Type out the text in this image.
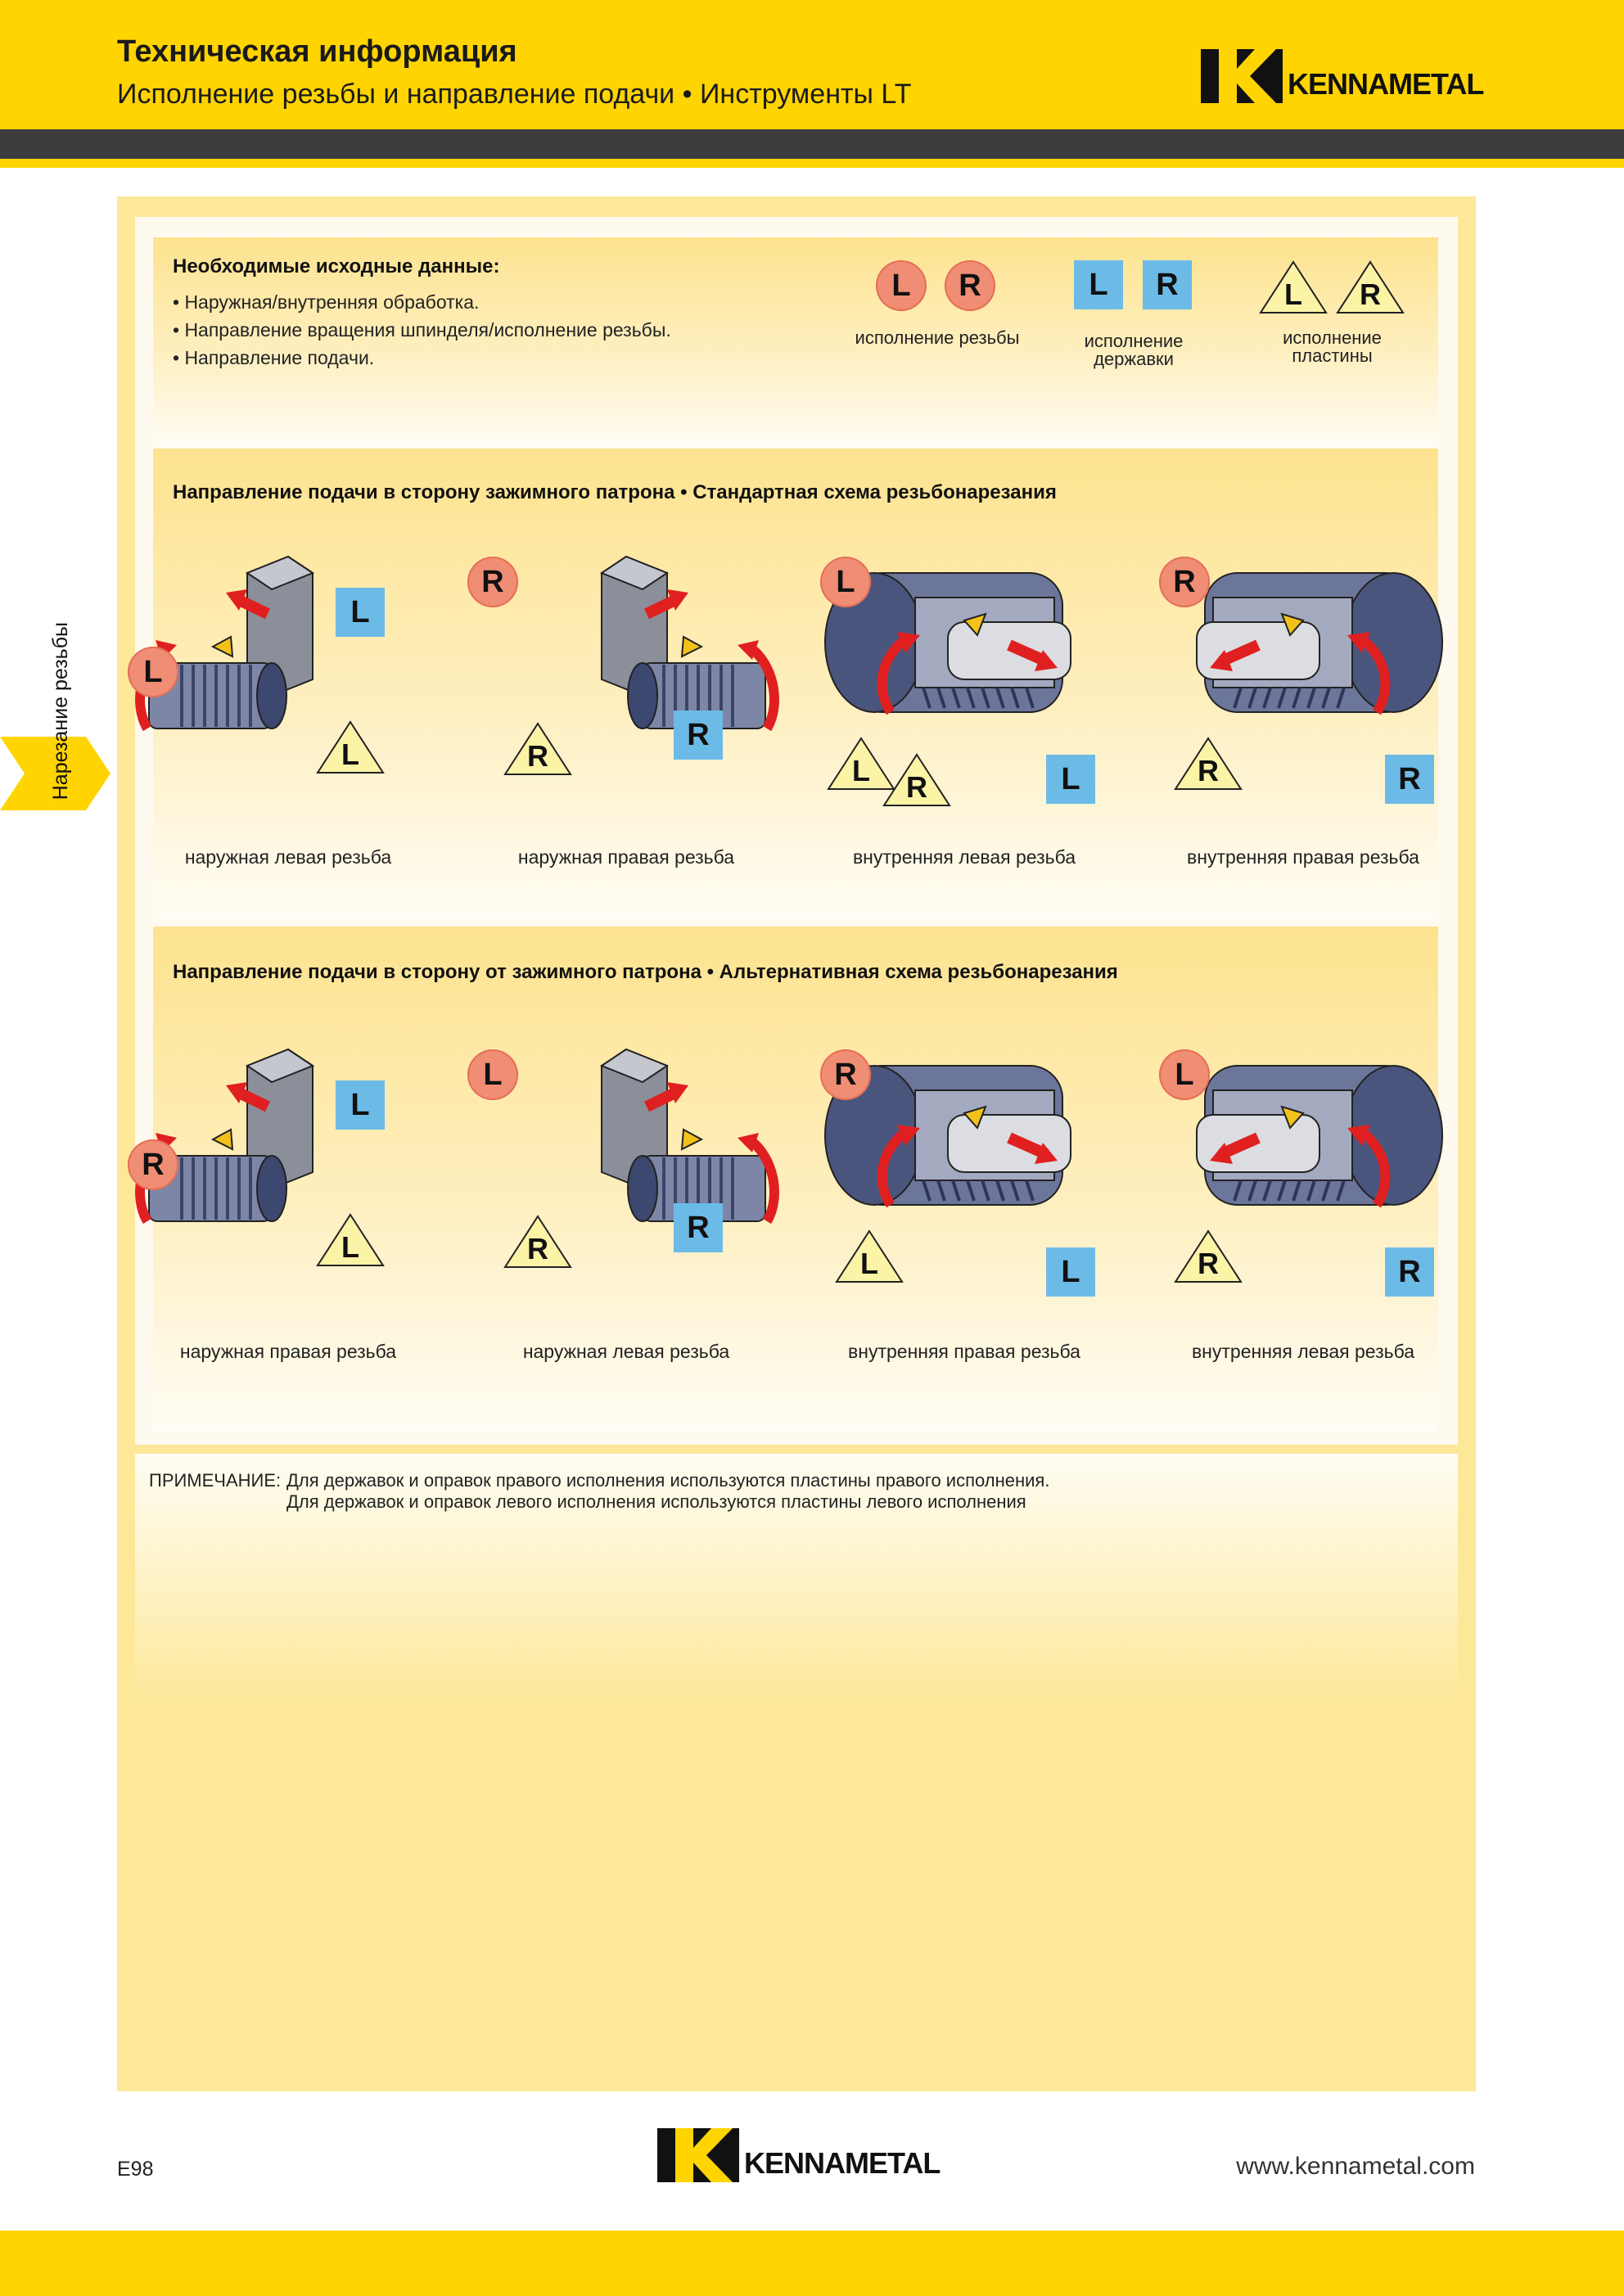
Техническая информация
Исполнение резьбы и направление подачи • Инструменты LT	KENNAMETAL
Нарезание резьбы
Необходимые исходные данные:
• Наружная/внутренняя обработка.
• Направление вращения шпинделя/исполнение резьбы.
• Направление подачи.
L	R
исполнение резьбы
L	R
исполнение
державки
L	R
исполнение
пластины
Направление подачи в сторону зажимного патрона • Стандартная схема резьбонарезания
Направление подачи в сторону от зажимного патрона • Альтернативная схема резьбонарезания
L
L
L
наружная левая резьба
R
R
R
наружная правая резьба
L
L
L	R
внутренняя левая резьба
R
R
R
внутренняя правая резьба
R
L
L
наружная правая резьба
L
R
R
наружная левая резьба
R
L
L
внутренняя правая резьба
L
R
R
внутренняя левая резьба
ПРИМЕЧАНИЕ: Для державок и оправок правого исполнения используются пластины правого исполнения.
Для державок и оправок левого исполнения используются пластины левого исполнения
E98	KENNAMETAL	www.kennametal.com
